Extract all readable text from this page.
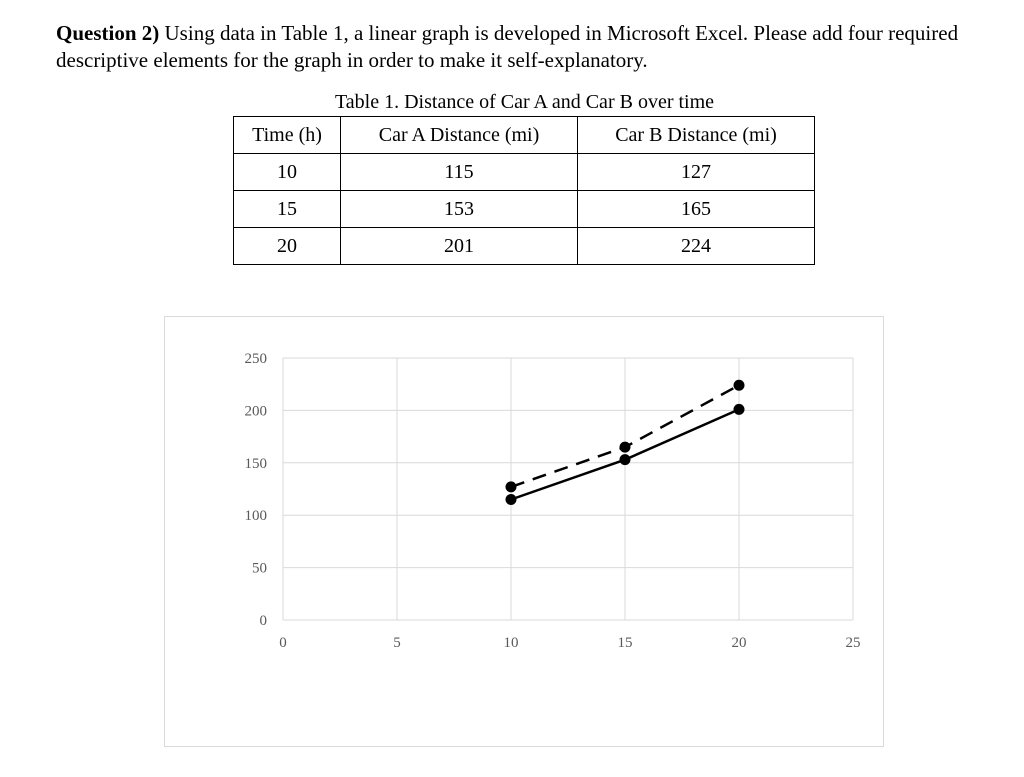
Question 2) Using data in Table 1, a linear graph is developed in Microsoft Excel. Please add four required descriptive elements for the graph in order to make it self-explanatory.
Table 1. Distance of Car A and Car B over time
Time (h)	Car A Distance (mi)	Car B Distance (mi)
10	115	127
15	153	165
20	201	224
0
50
100
150
200
250
0	5	10	15	20	25
